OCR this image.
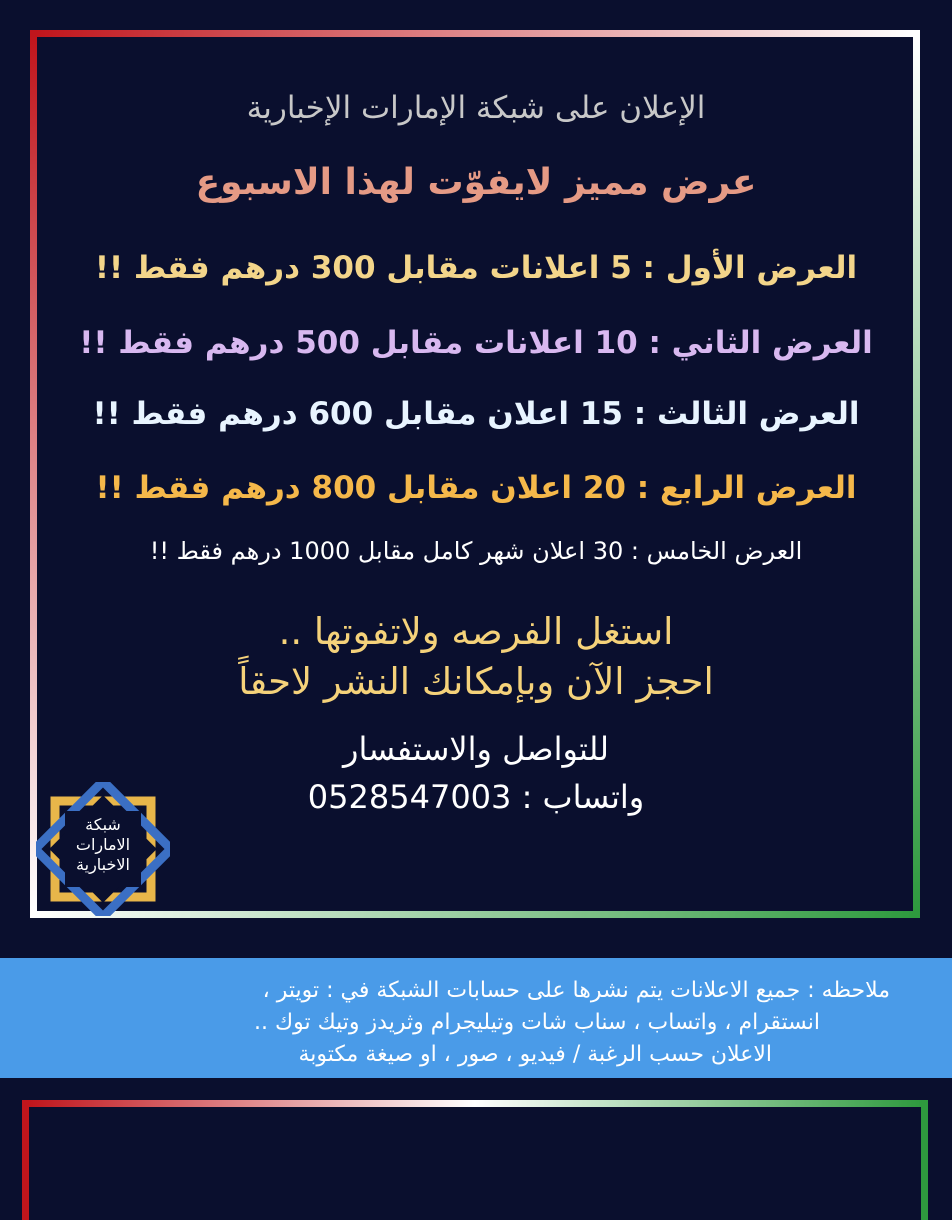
الإعلان على شبكة الإمارات الإخبارية
عرض مميز لايفوّت لهذا الاسبوع
العرض الأول : 5 اعلانات مقابل 300 درهم فقط !!
العرض الثاني : 10 اعلانات مقابل 500 درهم فقط !!
العرض الثالث : 15 اعلان مقابل 600 درهم فقط !!
العرض الرابع : 20 اعلان مقابل 800 درهم فقط !!
العرض الخامس : 30 اعلان شهر كامل مقابل 1000 درهم فقط !!
استغل الفرصه ولاتفوتها ..
احجز الآن وبإمكانك النشر لاحقاً
للتواصل والاستفسار
واتساب : 0528547003
شبكة
الامارات
الاخبارية
ملاحظه : جميع الاعلانات يتم نشرها على حسابات الشبكة في : تويتر ،
انستقرام ، واتساب ، سناب شات وتيليجرام وثريدز وتيك توك ..
الاعلان حسب الرغبة / فيديو ، صور ، او صيغة مكتوبة
